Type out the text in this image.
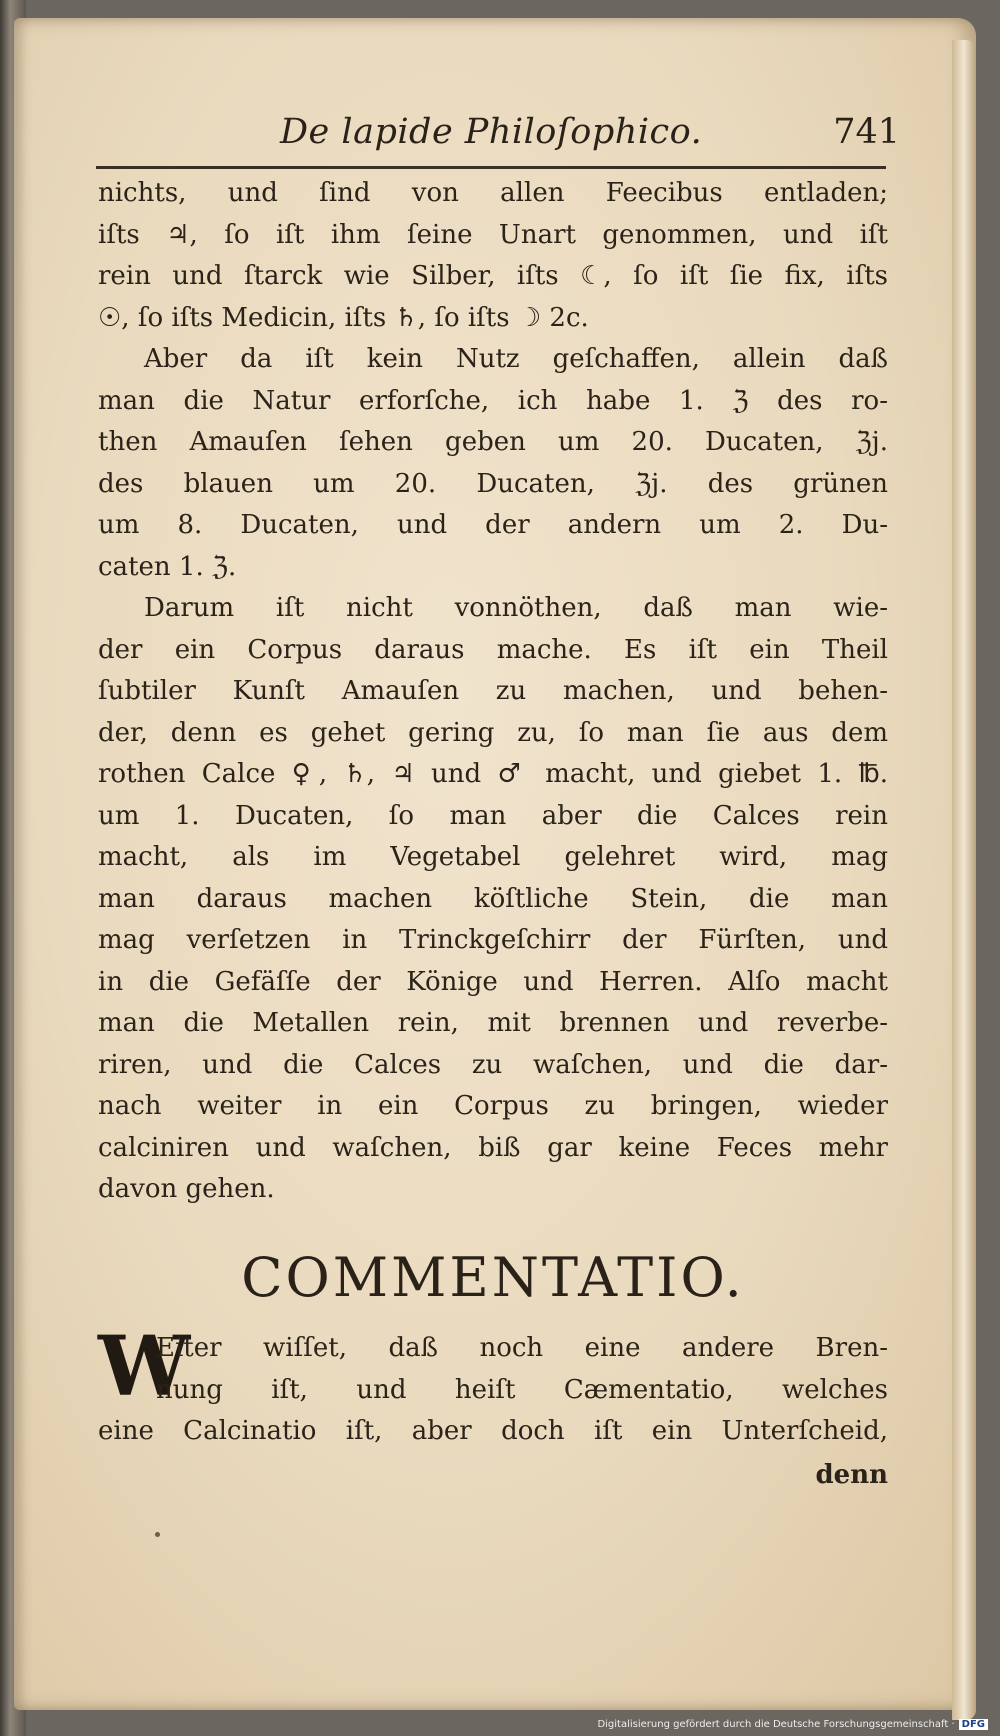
De lapide Philoſophico.	741
nichts, und ſind von allen Feecibus entladen;
iſts ♃, ſo iſt ihm ſeine Unart genommen, und iſt
rein und ſtarck wie Silber, iſts ☾, ſo iſt ſie fix, iſts
☉, ſo iſts Medicin, iſts ♄, ſo iſts ☽ 2c.
Aber da iſt kein Nutz geſchaffen, allein daß
man die Natur erforſche, ich habe 1. ℨ des ro-
then Amauſen ſehen geben um 20. Ducaten, ℨj.
des blauen um 20. Ducaten, ℨj. des grünen
um 8. Ducaten, und der andern um 2. Du-
caten 1. ℨ.
Darum iſt nicht vonnöthen, daß man wie-
der ein Corpus daraus mache. Es iſt ein Theil
ſubtiler Kunſt Amauſen zu machen, und behen-
der, denn es gehet gering zu, ſo man ſie aus dem
rothen Calce ♀, ♄, ♃ und ♂ macht, und giebet 1. ℔.
um 1. Ducaten, ſo man aber die Calces rein
macht, als im Vegetabel gelehret wird, mag
man daraus machen köſtliche Stein, die man
mag verſetzen in Trinckgeſchirr der Fürſten, und
in die Gefäſſe der Könige und Herren. Alſo macht
man die Metallen rein, mit brennen und reverbe-
riren, und die Calces zu waſchen, und die dar-
nach weiter in ein Corpus zu bringen, wieder
calciniren und waſchen, biß gar keine Feces mehr
davon gehen.
COMMENTATIO.
W
Eiter wiſſet, daß noch eine andere Bren-
nung iſt, und heiſt Cæmentatio, welches
eine Calcinatio iſt, aber doch iſt ein Unterſcheid,
denn
Digitalisierung gefördert durch die Deutsche Forschungsgemeinschaft · DFG
